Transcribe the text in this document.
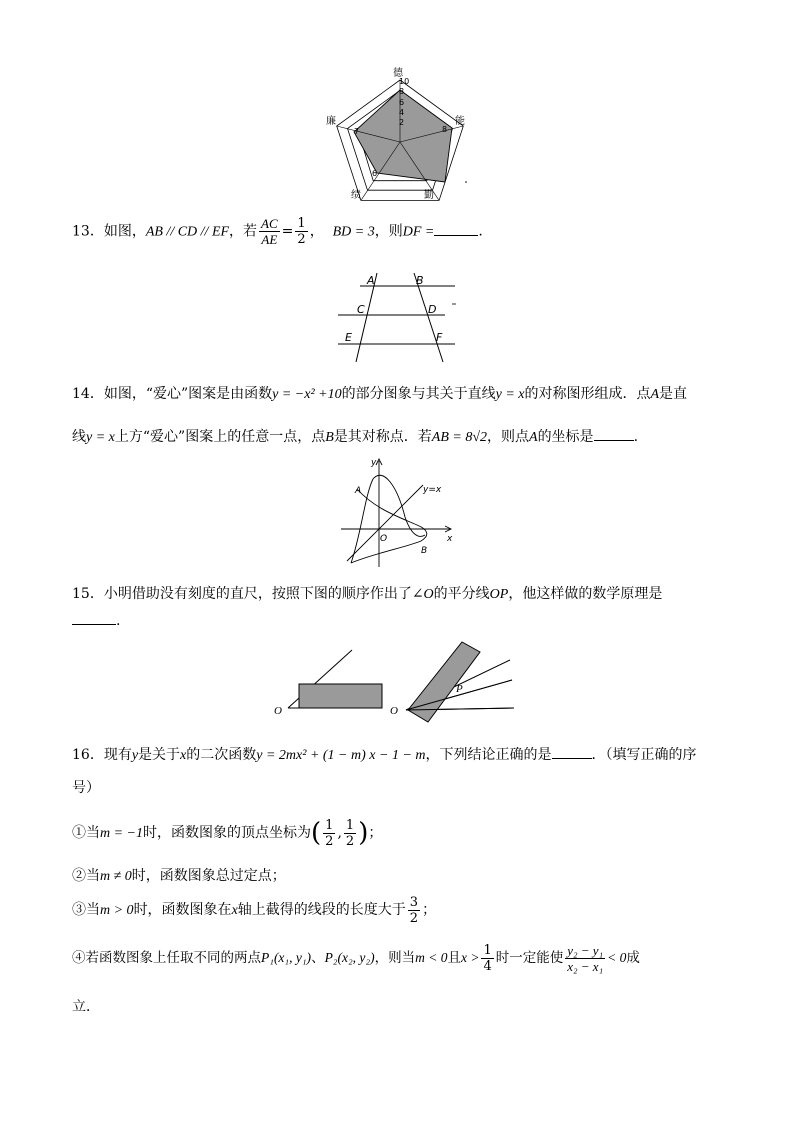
10
8
6
4
2
8
6
7
德
能
勤
绩
廉
13．如图，AB // CD // EF，若 $\frac{AC}{AE} = \frac{1}{2}$ ，  BD = 3，则DF =	.
A	B
C	D
E	F
14．如图，“爱心”图案是由函数y = −x² +10的部分图象与其关于直线y = x的对称图形组成．点A是直
线y = x上方“爱心”图案上的任意一点，点B是其对称点．若AB = 8√2，则点A的坐标是	.
y
x
y=x
A
B
O
15．小明借助没有刻度的直尺，按照下图的顺序作出了∠O的平分线OP，他这样做的数学原理是
.
O	O
P
16．现有y是关于x的二次函数y = 2mx² + (1 − m) x − 1 − m，下列结论正确的是	．（填写正确的序
号）
①当m = −1时，函数图象的顶点坐标为( $\frac{1}{2}$ , $\frac{1}{2}$ )；
②当m ≠ 0时，函数图象总过定点；
③当m > 0时，函数图象在x轴上截得的线段的长度大于 $\frac{3}{2}$ ；
④若函数图象上任取不同的两点P₁(x₁, y₁)、P₂(x₂, y₂)，则当m < 0且$x > \frac{1}{4}$ 时一定能使 $\frac{\text{y₂ − y₁}}{\text{x₂ − x₁}} < 0$成
立．
